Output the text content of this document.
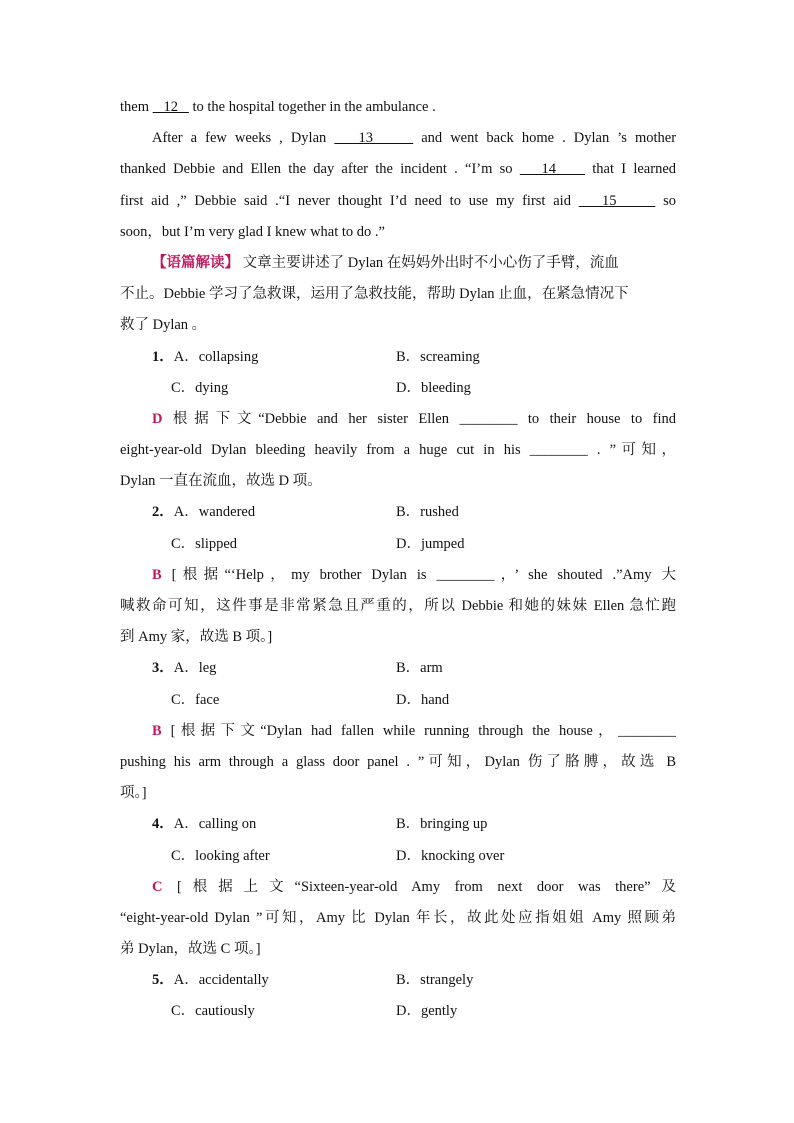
them    12    to the hospital together in the ambulance .
After a few weeks , Dylan    13      and went back home . Dylan ’s mother
thanked Debbie and Ellen the day after the incident . “I’m so    14     that I learned
first aid ,” Debbie said .“I never thought I’d need to use my first aid    15      so
soon，but I’m very glad I knew what to do .”
【语篇解读】 文章主要讲述了 Dylan 在妈妈外出时不小心伤了手臂，流血
不止。Debbie 学习了急救课，运用了急救技能，帮助 Dylan 止血，在紧急情况下
救了 Dylan 。
1．A．collapsing	B．screaming
C．dying	D．bleeding
D 根据下文“Debbie and her sister Ellen ________ to their house to find
eight-year-old Dylan bleeding heavily from a huge cut in his ________ . ”可知，
Dylan 一直在流血，故选 D 项。
2．A．wandered	B．rushed
C．slipped	D．jumped
B [根据“‘Help，my brother Dylan is ________，’ she shouted .”Amy 大
喊救命可知，这件事是非常紧急且严重的，所以 Debbie 和她的妹妹 Ellen 急忙跑
到 Amy 家，故选 B 项。]
3．A．leg	B．arm
C．face	D．hand
B [根据下文“Dylan had fallen while running through the house，________
pushing his arm through a glass door panel . ”可知，Dylan 伤了胳膊，故选 B
项。]
4．A．calling on	B．bringing up
C．looking after	D．knocking over
C [根据上文“Sixteen-year-old Amy from next door was there”及
“eight-year-old Dylan ”可知，Amy 比 Dylan 年长，故此处应指姐姐 Amy 照顾弟
弟 Dylan，故选 C 项。]
5．A．accidentally	B．strangely
C．cautiously	D．gently
